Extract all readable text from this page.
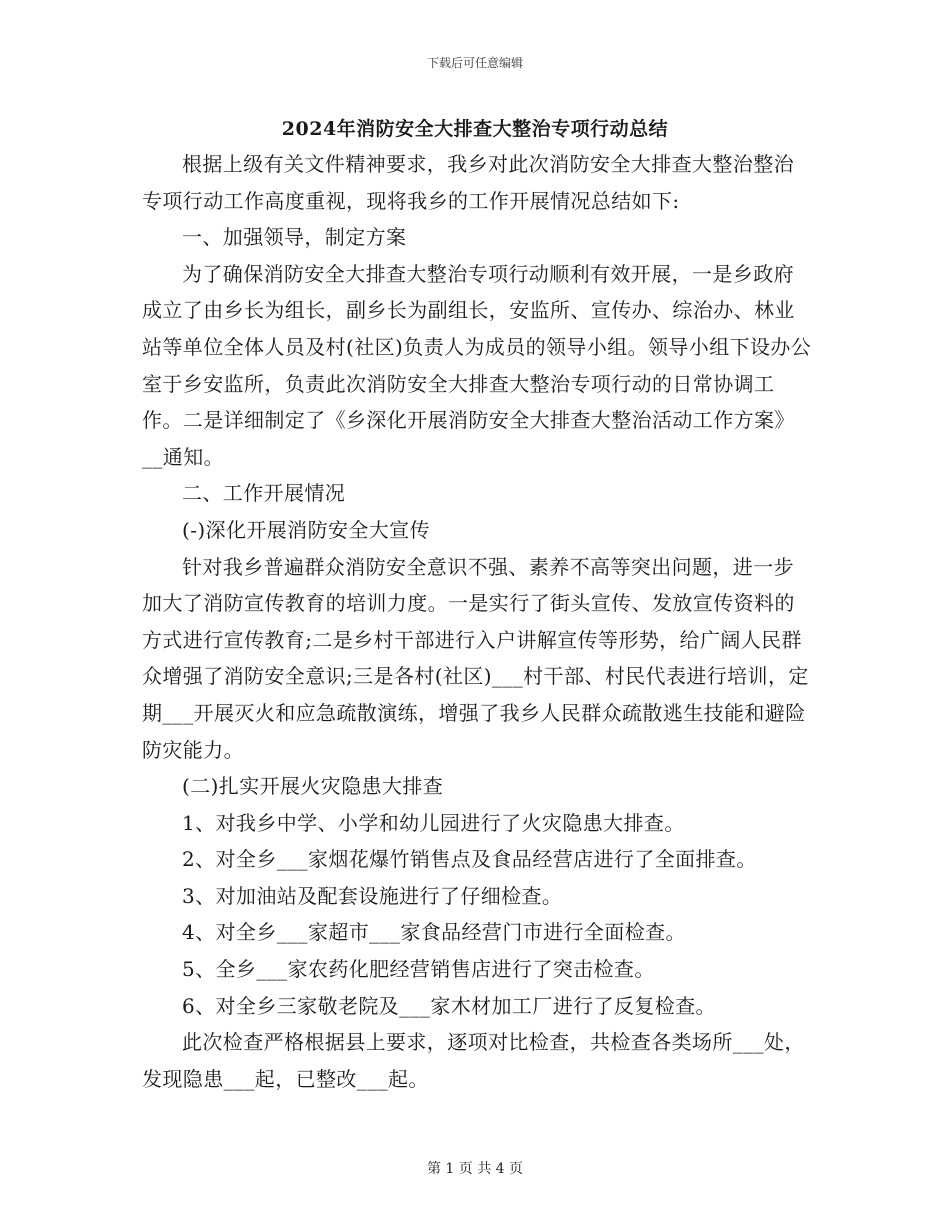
下载后可任意编辑
2024年消防安全大排查大整治专项行动总结

根据上级有关文件精神要求，我乡对此次消防安全大排查大整治整治专项行动工作高度重视，现将我乡的工作开展情况总结如下:

一、加强领导，制定方案

为了确保消防安全大排查大整治专项行动顺利有效开展，一是乡政府成立了由乡长为组长，副乡长为副组长，安监所、宣传办、综治办、林业站等单位全体人员及村(社区)负责人为成员的领导小组。领导小组下设办公室于乡安监所，负责此次消防安全大排查大整治专项行动的日常协调工作。二是详细制定了《乡深化开展消防安全大排查大整治活动工作方案》__通知。

二、工作开展情况

(-)深化开展消防安全大宣传

针对我乡普遍群众消防安全意识不强、素养不高等突出问题，进一步加大了消防宣传教育的培训力度。一是实行了街头宣传、发放宣传资料的方式进行宣传教育;二是乡村干部进行入户讲解宣传等形势，给广阔人民群众增强了消防安全意识;三是各村(社区)___村干部、村民代表进行培训，定期___开展灭火和应急疏散演练，增强了我乡人民群众疏散逃生技能和避险防灾能力。

(二)扎实开展火灾隐患大排查

1、对我乡中学、小学和幼儿园进行了火灾隐患大排查。

2、对全乡___家烟花爆竹销售点及食品经营店进行了全面排查。

3、对加油站及配套设施进行了仔细检查。

4、对全乡___家超市___家食品经营门市进行全面检查。

5、全乡___家农药化肥经营销售店进行了突击检查。

6、对全乡三家敬老院及___家木材加工厂进行了反复检查。

此次检查严格根据县上要求，逐项对比检查，共检查各类场所___处，发现隐患___起，已整改___起。

第 1 页 共 4 页
